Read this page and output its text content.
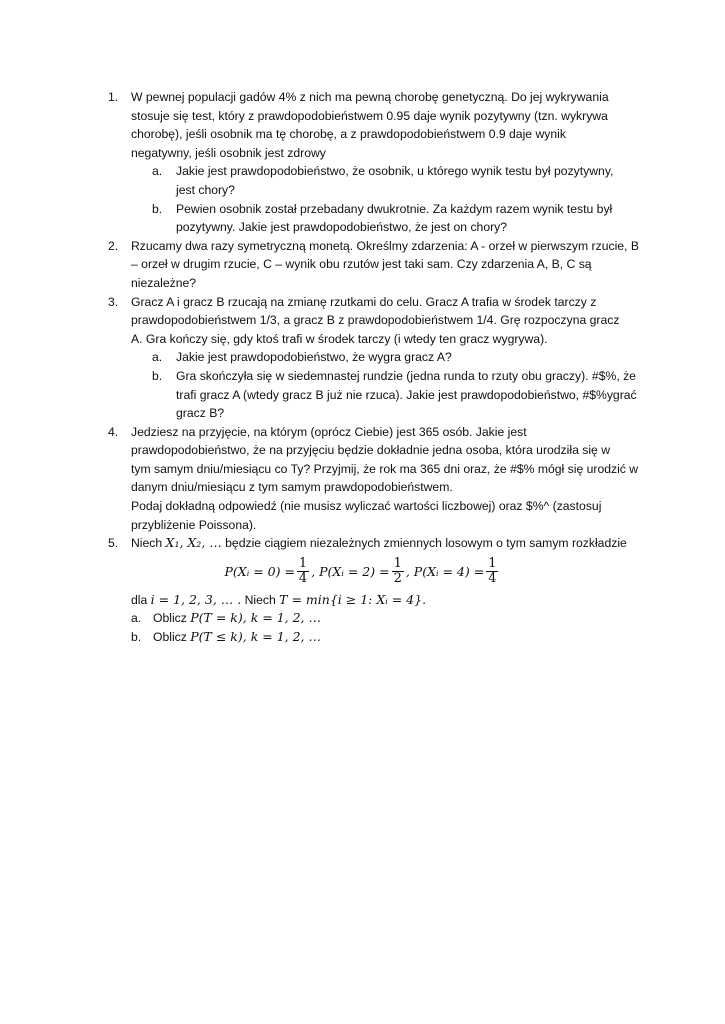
1. W pewnej populacji gadów 4% z nich ma pewną chorobę genetyczną. Do jej wykrywania

stosuje się test, który z prawdopodobieństwem 0.95 daje wynik pozytywny (tzn. wykrywa

chorobę), jeśli osobnik ma tę chorobę, a z prawdopodobieństwem 0.9 daje wynik

negatywny, jeśli osobnik jest zdrowy

a. Jakie jest prawdopodobieństwo, że osobnik, u którego wynik testu był pozytywny,

jest chory?

b. Pewien osobnik został przebadany dwukrotnie. Za każdym razem wynik testu był

pozytywny. Jakie jest prawdopodobieństwo, że jest on chory?

2. Rzucamy dwa razy symetryczną monetą. Określmy zdarzenia: A - orzeł w pierwszym rzucie, B

– orzeł w drugim rzucie, C – wynik obu rzutów jest taki sam. Czy zdarzenia A, B, C są

niezależne?

3. Gracz A i gracz B rzucają na zmianę rzutkami do celu. Gracz A trafia w środek tarczy z

prawdopodobieństwem 1/3, a gracz B z prawdopodobieństwem 1/4. Grę rozpoczyna gracz

A. Gra kończy się, gdy ktoś trafi w środek tarczy (i wtedy ten gracz wygrywa).

a. Jakie jest prawdopodobieństwo, że wygra gracz A?

b. Gra skończyła się w siedemnastej rundzie (jedna runda to rzuty obu graczy). #$%, że

trafi gracz A (wtedy gracz B już nie rzuca). Jakie jest prawdopodobieństwo, #$%ygrać

gracz B?

4. Jedziesz na przyjęcie, na którym (oprócz Ciebie) jest 365 osób. Jakie jest

prawdopodobieństwo, że na przyjęciu będzie dokładnie jedna osoba, która urodziła się w

tym samym dniu/miesiącu co Ty? Przyjmij, że rok ma 365 dni oraz, że #$% mógł się urodzić w

danym dniu/miesiącu z tym samym prawdopodobieństwem.

Podaj dokładną odpowiedź (nie musisz wyliczać wartości liczbowej) oraz $%^ (zastosuj

przybliżenie Poissona).

5. Niech X₁, X₂, … będzie ciągiem niezależnych zmiennych losowym o tym samym rozkładzie

P(Xᵢ = $0) = \frac{1}{4}$ , P(Xᵢ = $2) = \frac{1}{2}$ , P(Xᵢ = $4) = \frac{1}{4}$

dla i = 1, 2, 3, … . Niech T = min{i ≥ 1: Xᵢ = 4}.

a. Oblicz P(T = k), k = 1, 2, …

b. Oblicz P(T ≤ k), k = 1, 2, …
